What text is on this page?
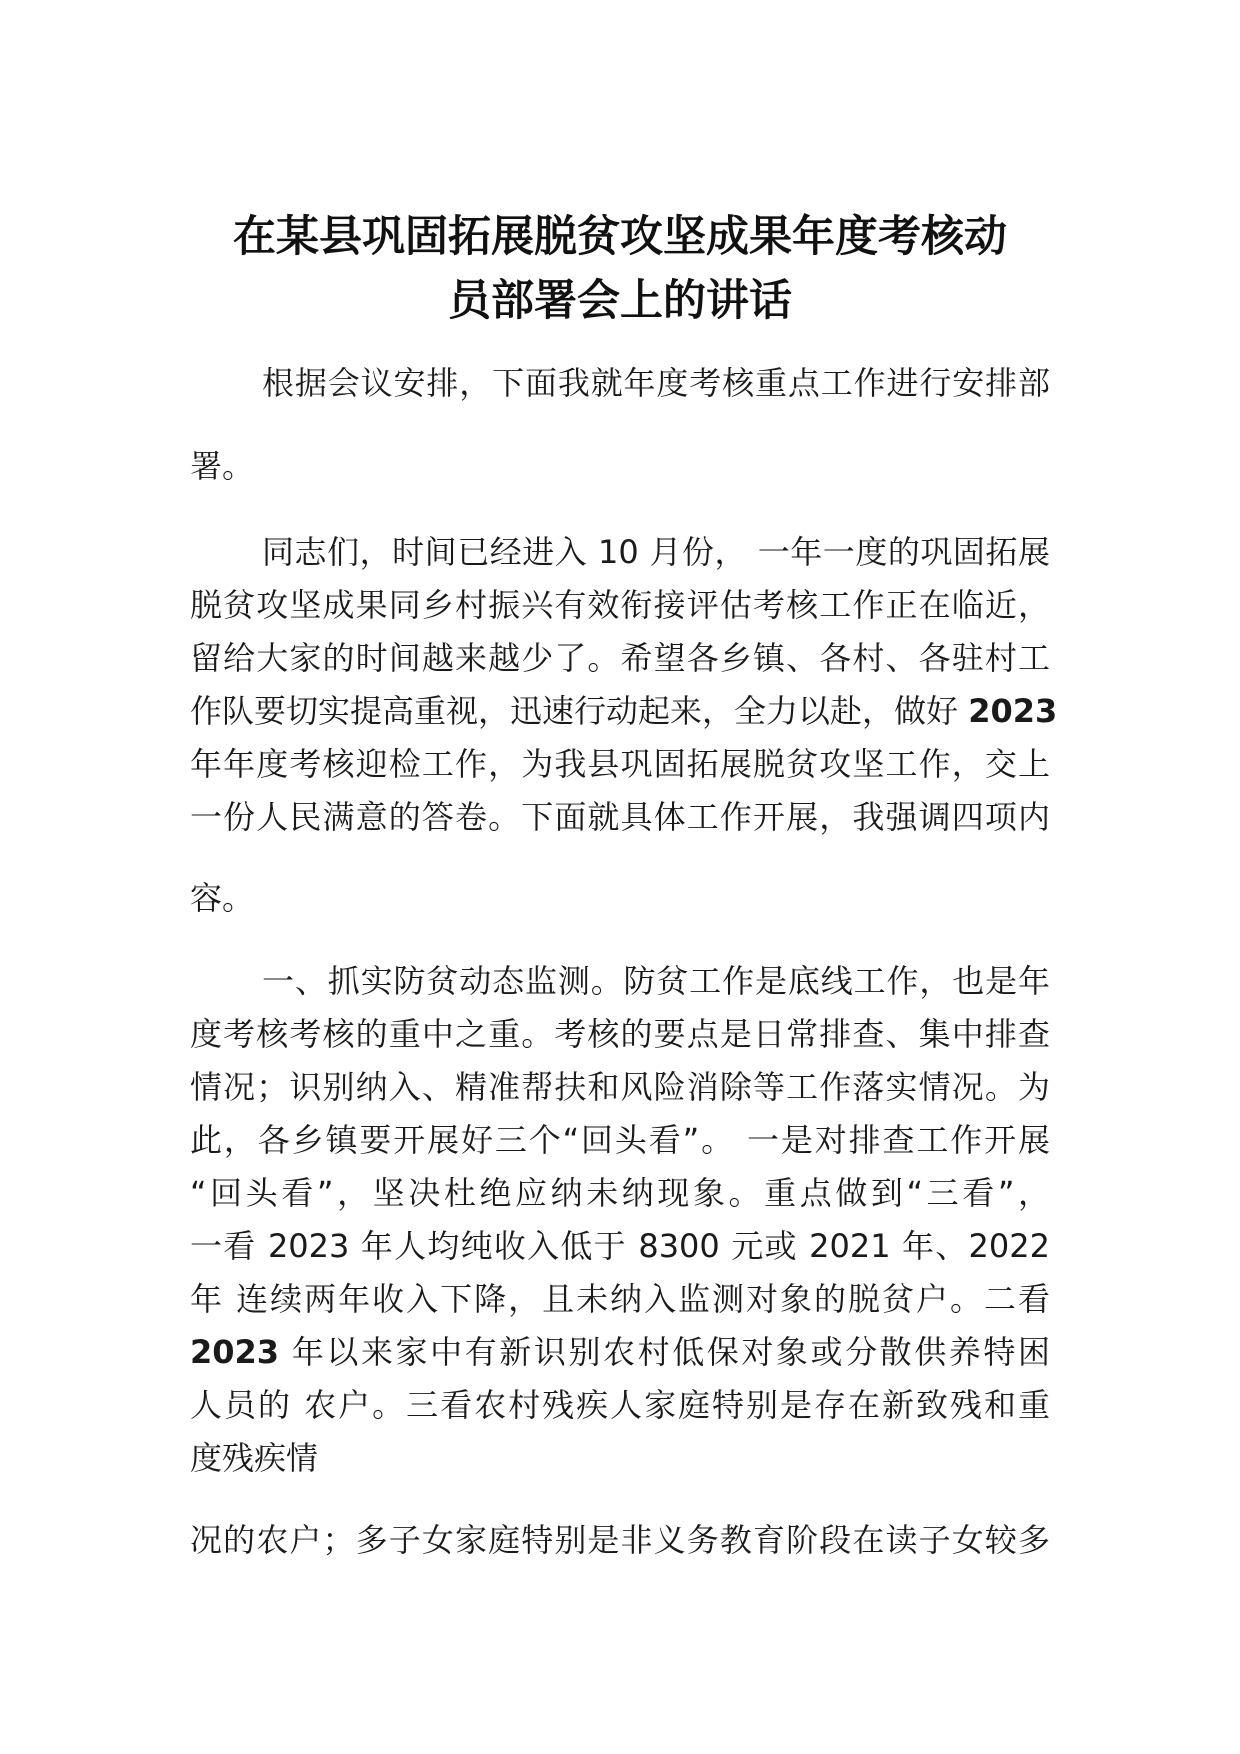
在某县巩固拓展脱贫攻坚成果年度考核动
员部署会上的讲话
根据会议安排，下面我就年度考核重点工作进行安排部
署。
同志们，时间已经进入 10 月份， 一年一度的巩固拓展
脱贫攻坚成果同乡村振兴有效衔接评估考核工作正在临近，
留给大家的时间越来越少了。希望各乡镇、各村、各驻村工
作队要切实提高重视，迅速行动起来，全力以赴，做好 2023
年年度考核迎检工作，为我县巩固拓展脱贫攻坚工作，交上
一份人民满意的答卷。下面就具体工作开展，我强调四项内
容。
一、抓实防贫动态监测。防贫工作是底线工作，也是年
度考核考核的重中之重。考核的要点是日常排查、集中排查
情况；识别纳入、精准帮扶和风险消除等工作落实情况。为
此，各乡镇要开展好三个“回头看”。 一是对排查工作开展
“回头看”，坚决杜绝应纳未纳现象。重点做到“三看”，
一看 2023 年人均纯收入低于 8300 元或 2021 年、2022
年 连续两年收入下降，且未纳入监测对象的脱贫户。二看
2023 年以来家中有新识别农村低保对象或分散供养特困
人员的 农户。三看农村残疾人家庭特别是存在新致残和重
度残疾情
况的农户；多子女家庭特别是非义务教育阶段在读子女较多
